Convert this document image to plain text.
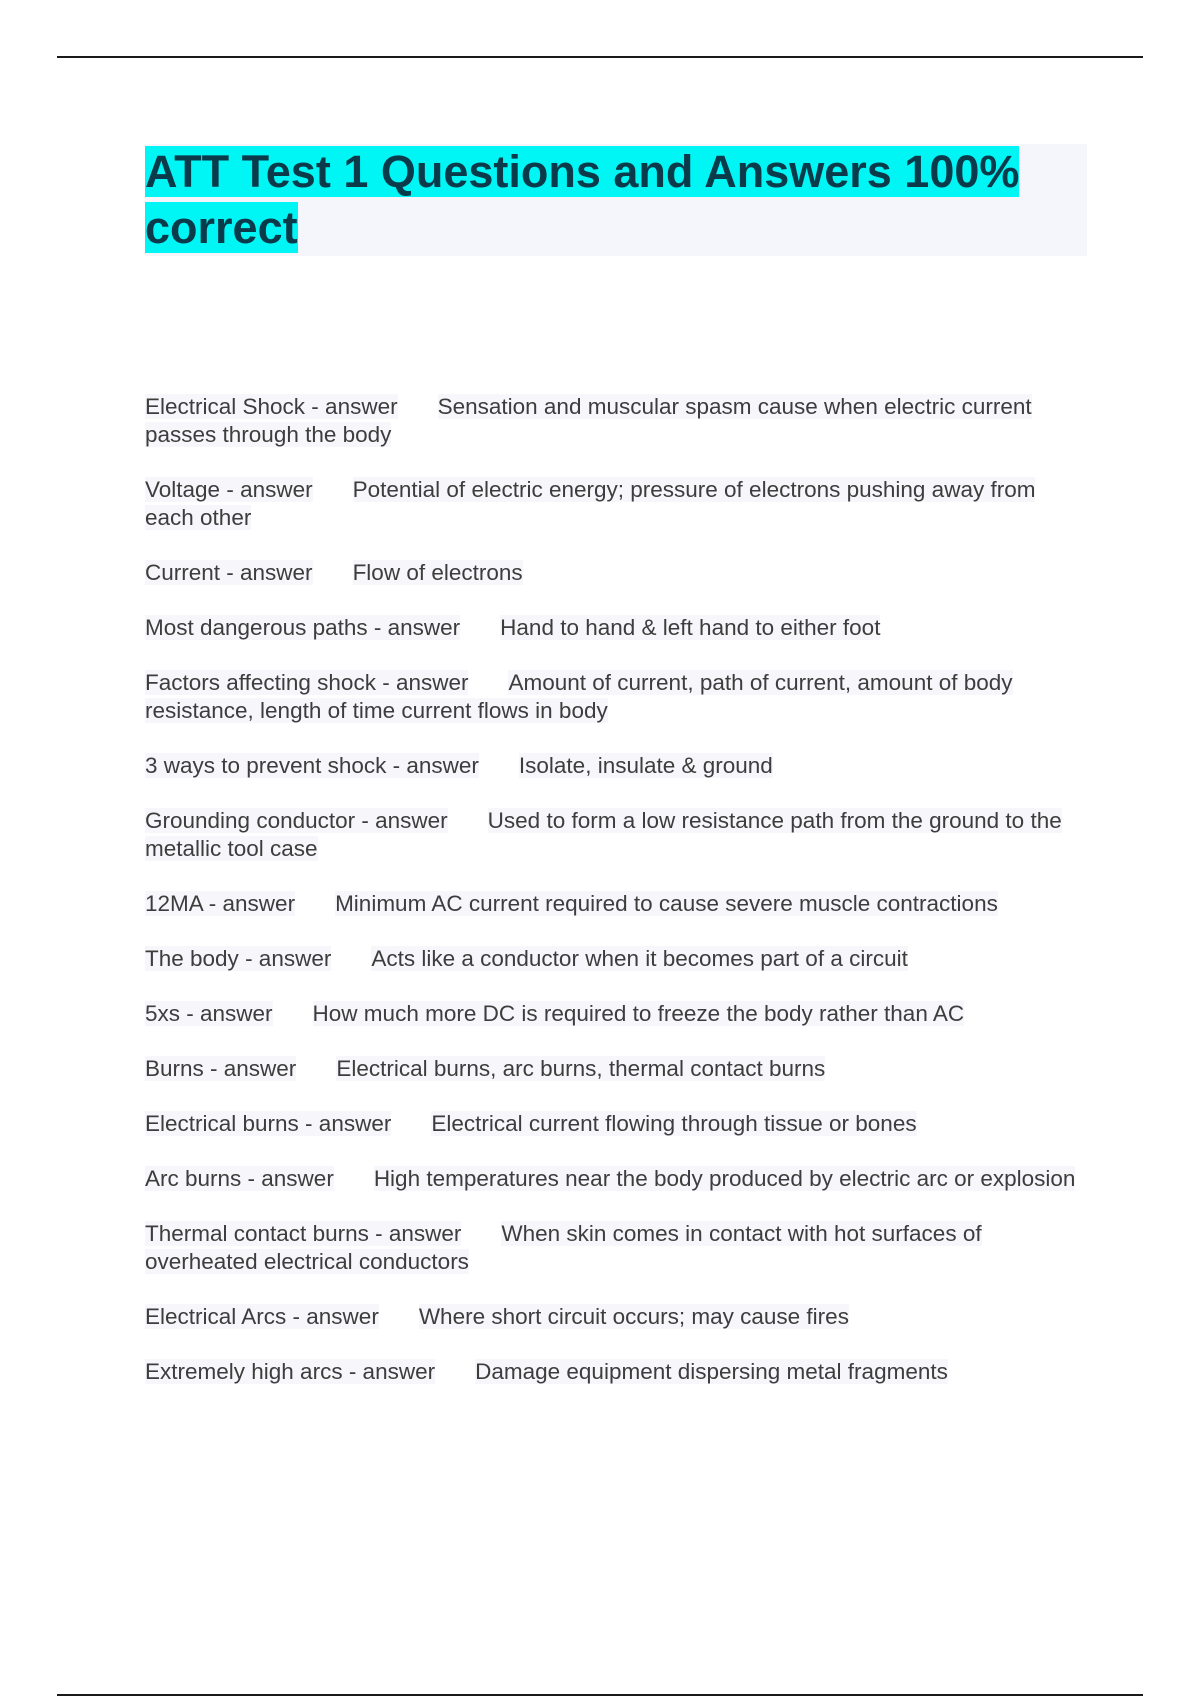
ATT Test 1 Questions and Answers 100% correct

Electrical Shock - answer Sensation and muscular spasm cause when electric current passes through the body

Voltage - answer Potential of electric energy; pressure of electrons pushing away from each other

Current - answer Flow of electrons

Most dangerous paths - answer Hand to hand & left hand to either foot

Factors affecting shock - answer Amount of current, path of current, amount of body resistance, length of time current flows in body

3 ways to prevent shock - answer Isolate, insulate & ground

Grounding conductor - answer Used to form a low resistance path from the ground to the metallic tool case

12MA - answer Minimum AC current required to cause severe muscle contractions

The body - answer Acts like a conductor when it becomes part of a circuit

5xs - answer How much more DC is required to freeze the body rather than AC

Burns - answer Electrical burns, arc burns, thermal contact burns

Electrical burns - answer Electrical current flowing through tissue or bones

Arc burns - answer High temperatures near the body produced by electric arc or explosion

Thermal contact burns - answer When skin comes in contact with hot surfaces of overheated electrical conductors

Electrical Arcs - answer Where short circuit occurs; may cause fires

Extremely high arcs - answer Damage equipment dispersing metal fragments
